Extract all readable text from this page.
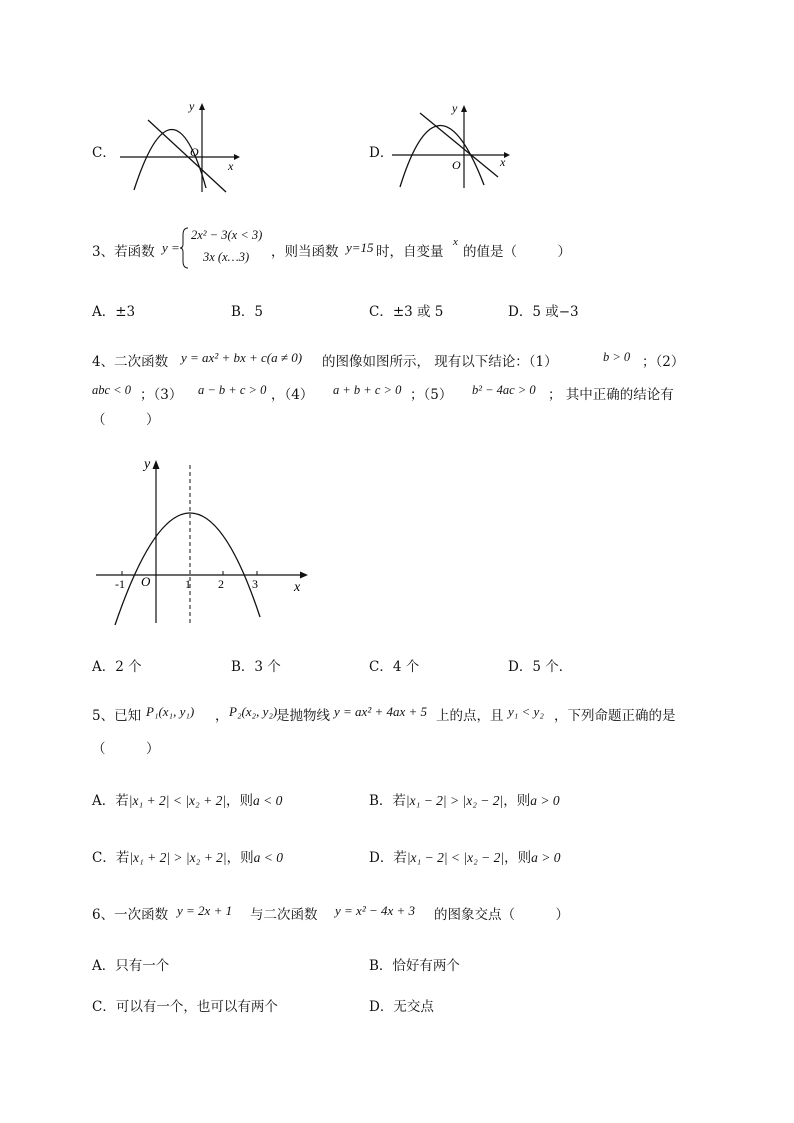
C．
y
x
O	D．
y
x
O
3、若函数 y =
2x² − 3(x < 3)
3x (x…3) ，则当函数 y=15 时，自变量
x
的值是（　　　）
A．±3	B．5	C．±3 或 5	D．5 或−3
4、二次函数 y = ax² + bx + c(a ≠ 0) 的图像如图所示， 现有以下结论：（1）	b > 0 ；（2）
abc < 0 ；（3） a − b + c > 0 ，（4） a + b + c > 0 ；（5） b² − 4ac > 0 ； 其中正确的结论有
（　　　）
y
x
O
-1	1 2 3
A．2 个	B．3 个	C．4 个	D．5 个．
5、已知 P₁(x₁, y₁) ， P₂(x₂, y₂)
是抛物线 y = ax² + 4ax + 5 上的点，且 y₁ < y₂ ，下列命题正确的是
（　　　）
A．若|x₁ + 2| < |x₂ + 2|，则a < 0	B．若|x₁ − 2| > |x₂ − 2|，则a > 0
C．若|x₁ + 2| > |x₂ + 2|，则a < 0	D．若|x₁ − 2| < |x₂ − 2|，则a > 0
6、一次函数 y = 2x + 1 与二次函数 y = x² − 4x + 3 的图象交点（　　　）
A．只有一个	B．恰好有两个
C．可以有一个，也可以有两个	D．无交点
